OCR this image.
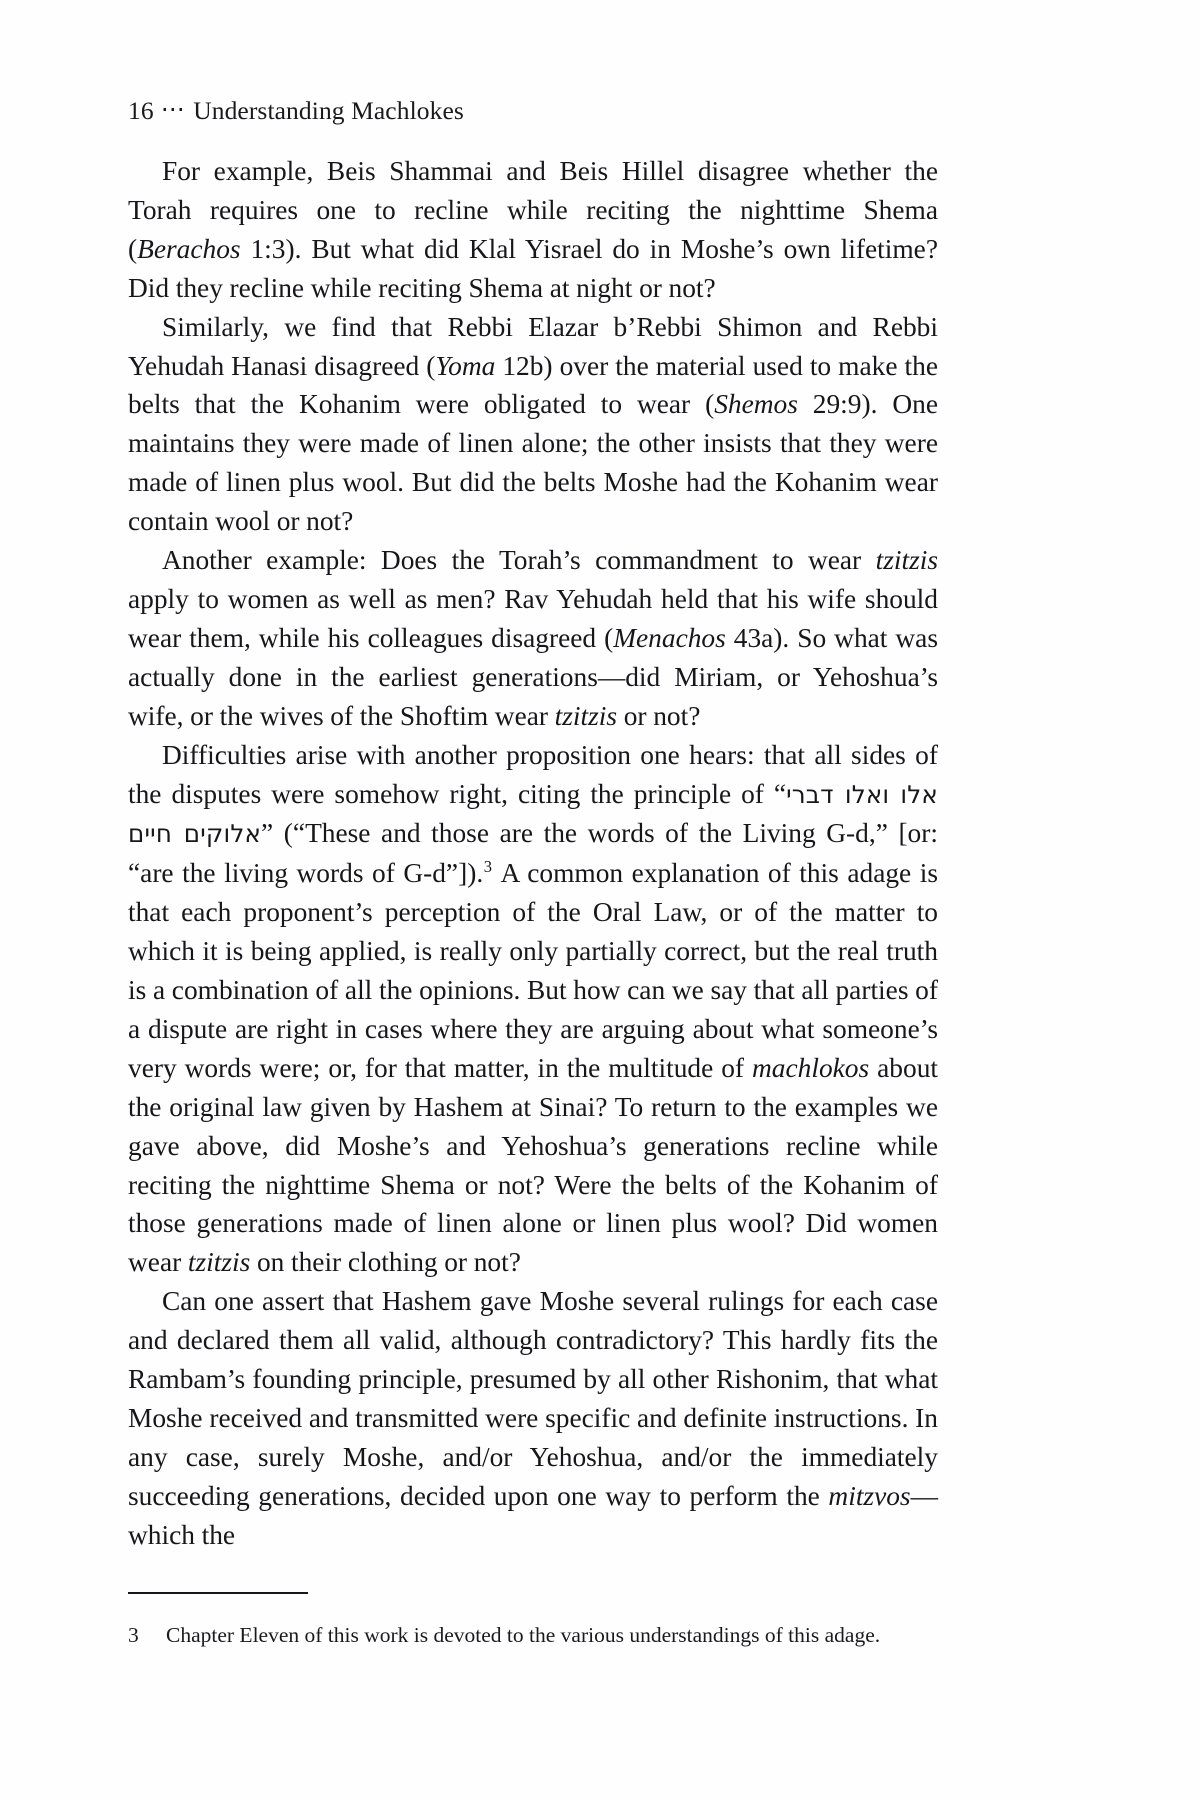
16 ⋯ Understanding Machlokes

For example, Beis Shammai and Beis Hillel disagree whether the Torah requires one to recline while reciting the nighttime Shema (Berachos 1:3). But what did Klal Yisrael do in Moshe’s own lifetime? Did they recline while reciting Shema at night or not?

Similarly, we find that Rebbi Elazar b’Rebbi Shimon and Rebbi Yehudah Hanasi disagreed (Yoma 12b) over the material used to make the belts that the Kohanim were obligated to wear (Shemos 29:9). One maintains they were made of linen alone; the other insists that they were made of linen plus wool. But did the belts Moshe had the Kohanim wear contain wool or not?

Another example: Does the Torah’s commandment to wear tzitzis apply to women as well as men? Rav Yehudah held that his wife should wear them, while his colleagues disagreed (Menachos 43a). So what was actually done in the earliest generations—did Miriam, or Yehoshua’s wife, or the wives of the Shoftim wear tzitzis or not?

Difficulties arise with another proposition one hears: that all sides of the disputes were somehow right, citing the principle of “אלו ואלו דברי אלוקים חיים” (“These and those are the words of the Living G-d,” [or: “are the living words of G-d”]).$^3$ A common explanation of this adage is that each proponent’s perception of the Oral Law, or of the matter to which it is being applied, is really only partially correct, but the real truth is a combination of all the opinions. But how can we say that all parties of a dispute are right in cases where they are arguing about what someone’s very words were; or, for that matter, in the multitude of machlokos about the original law given by Hashem at Sinai? To return to the examples we gave above, did Moshe’s and Yehoshua’s generations recline while reciting the nighttime Shema or not? Were the belts of the Kohanim of those generations made of linen alone or linen plus wool? Did women wear tzitzis on their clothing or not?

Can one assert that Hashem gave Moshe several rulings for each case and declared them all valid, although contradictory? This hardly fits the Rambam’s founding principle, presumed by all other Rishonim, that what Moshe received and transmitted were specific and definite instructions. In any case, surely Moshe, and/or Yehoshua, and/or the immediately succeeding generations, decided upon one way to perform the mitzvos—which the

3	Chapter Eleven of this work is devoted to the various understandings of this adage.
